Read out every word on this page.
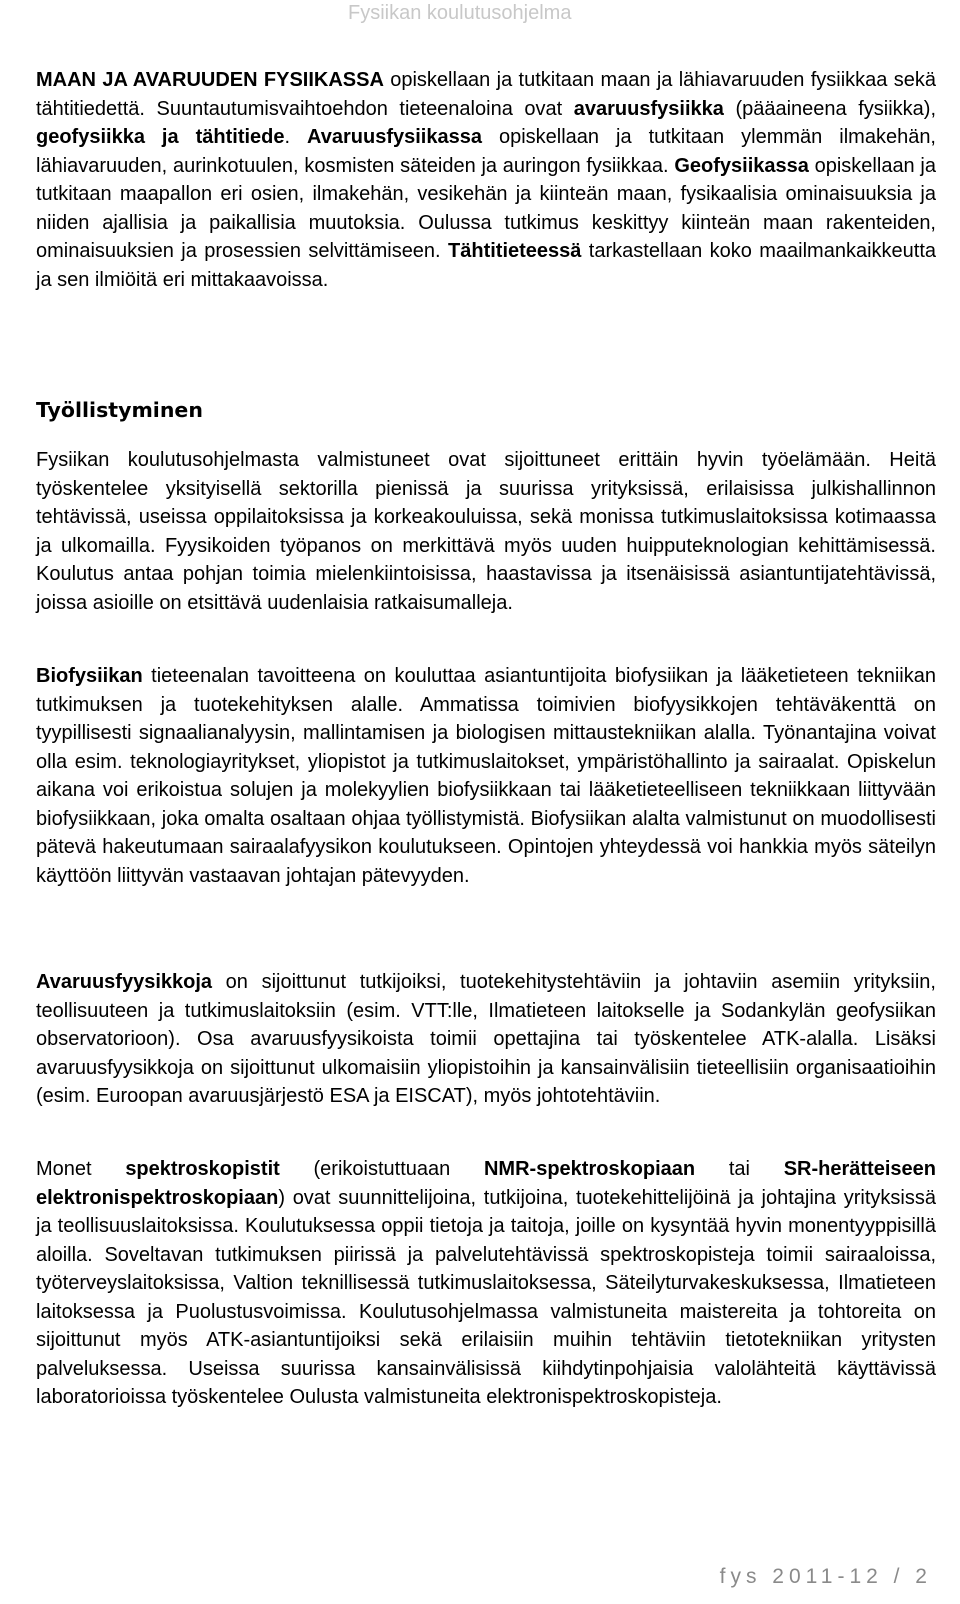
Fysiikan koulutusohjelma

MAAN JA AVARUUDEN FYSIIKASSA opiskellaan ja tutkitaan maan ja lähiavaruuden fysiikkaa sekä tähtitiedettä. Suuntautumisvaihtoehdon tieteenaloina ovat avaruusfysiikka (pääaineena fysiikka), geofysiikka ja tähtitiede. Avaruusfysiikassa opiskellaan ja tutkitaan ylemmän ilmakehän, lähiavaruuden, aurinkotuulen, kosmisten säteiden ja auringon fysiikkaa. Geofysiikassa opiskellaan ja tutkitaan maapallon eri osien, ilmakehän, vesikehän ja kiinteän maan, fysikaalisia ominaisuuksia ja niiden ajallisia ja paikallisia muutoksia. Oulussa tutkimus keskittyy kiinteän maan rakenteiden, ominaisuuksien ja prosessien selvittämiseen. Tähtitieteessä tarkastellaan koko maailmankaikkeutta ja sen ilmiöitä eri mittakaavoissa.

Työllistyminen

Fysiikan koulutusohjelmasta valmistuneet ovat sijoittuneet erittäin hyvin työelämään. Heitä työskentelee yksityisellä sektorilla pienissä ja suurissa yrityksissä, erilaisissa julkishallinnon tehtävissä, useissa oppilaitoksissa ja korkeakouluissa, sekä monissa tutkimuslaitoksissa kotimaassa ja ulkomailla. Fyysikoiden työpanos on merkittävä myös uuden huipputeknologian kehittämisessä. Koulutus antaa pohjan toimia mielenkiintoisissa, haastavissa ja itsenäisissä asiantuntijatehtävissä, joissa asioille on etsittävä uudenlaisia ratkaisumalleja.

Biofysiikan tieteenalan tavoitteena on kouluttaa asiantuntijoita biofysiikan ja lääketieteen tekniikan tutkimuksen ja tuotekehityksen alalle. Ammatissa toimivien biofyysikkojen tehtäväkenttä on tyypillisesti signaalianalyysin, mallintamisen ja biologisen mittaustekniikan alalla. Työnantajina voivat olla esim. teknologiayritykset, yliopistot ja tutkimuslaitokset, ympäristöhallinto ja sairaalat. Opiskelun aikana voi erikoistua solujen ja molekyylien biofysiikkaan tai lääketieteelliseen tekniikkaan liittyvään biofysiikkaan, joka omalta osaltaan ohjaa työllistymistä. Biofysiikan alalta valmistunut on muodollisesti pätevä hakeutumaan sairaalafyysikon koulutukseen. Opintojen yhteydessä voi hankkia myös säteilyn käyttöön liittyvän vastaavan johtajan pätevyyden.

Avaruusfyysikkoja on sijoittunut tutkijoiksi, tuotekehitystehtäviin ja johtaviin asemiin yrityksiin, teollisuuteen ja tutkimuslaitoksiin (esim. VTT:lle, Ilmatieteen laitokselle ja Sodankylän geofysiikan observatorioon). Osa avaruusfyysikoista toimii opettajina tai työskentelee ATK-alalla. Lisäksi avaruusfyysikkoja on sijoittunut ulkomaisiin yliopistoihin ja kansainvälisiin tieteellisiin organisaatioihin (esim. Euroopan avaruusjärjestö ESA ja EISCAT), myös johtotehtäviin.

Monet spektroskopistit (erikoistuttuaan NMR-spektroskopiaan tai SR-herätteiseen elektronispektroskopiaan) ovat suunnittelijoina, tutkijoina, tuotekehittelijöinä ja johtajina yrityksissä ja teollisuuslaitoksissa. Koulutuksessa oppii tietoja ja taitoja, joille on kysyntää hyvin monentyyppisillä aloilla. Soveltavan tutkimuksen piirissä ja palvelutehtävissä spektroskopisteja toimii sairaaloissa, työterveyslaitoksissa, Valtion teknillisessä tutkimuslaitoksessa, Säteilyturvakeskuksessa, Ilmatieteen laitoksessa ja Puolustusvoimissa. Koulutusohjelmassa valmistuneita maistereita ja tohtoreita on sijoittunut myös ATK-asiantuntijoiksi sekä erilaisiin muihin tehtäviin tietotekniikan yritysten palveluksessa. Useissa suurissa kansainvälisissä kiihdytinpohjaisia valolähteitä käyttävissä laboratorioissa työskentelee Oulusta valmistuneita elektronispektroskopisteja.

fys 2011-12 / 2
